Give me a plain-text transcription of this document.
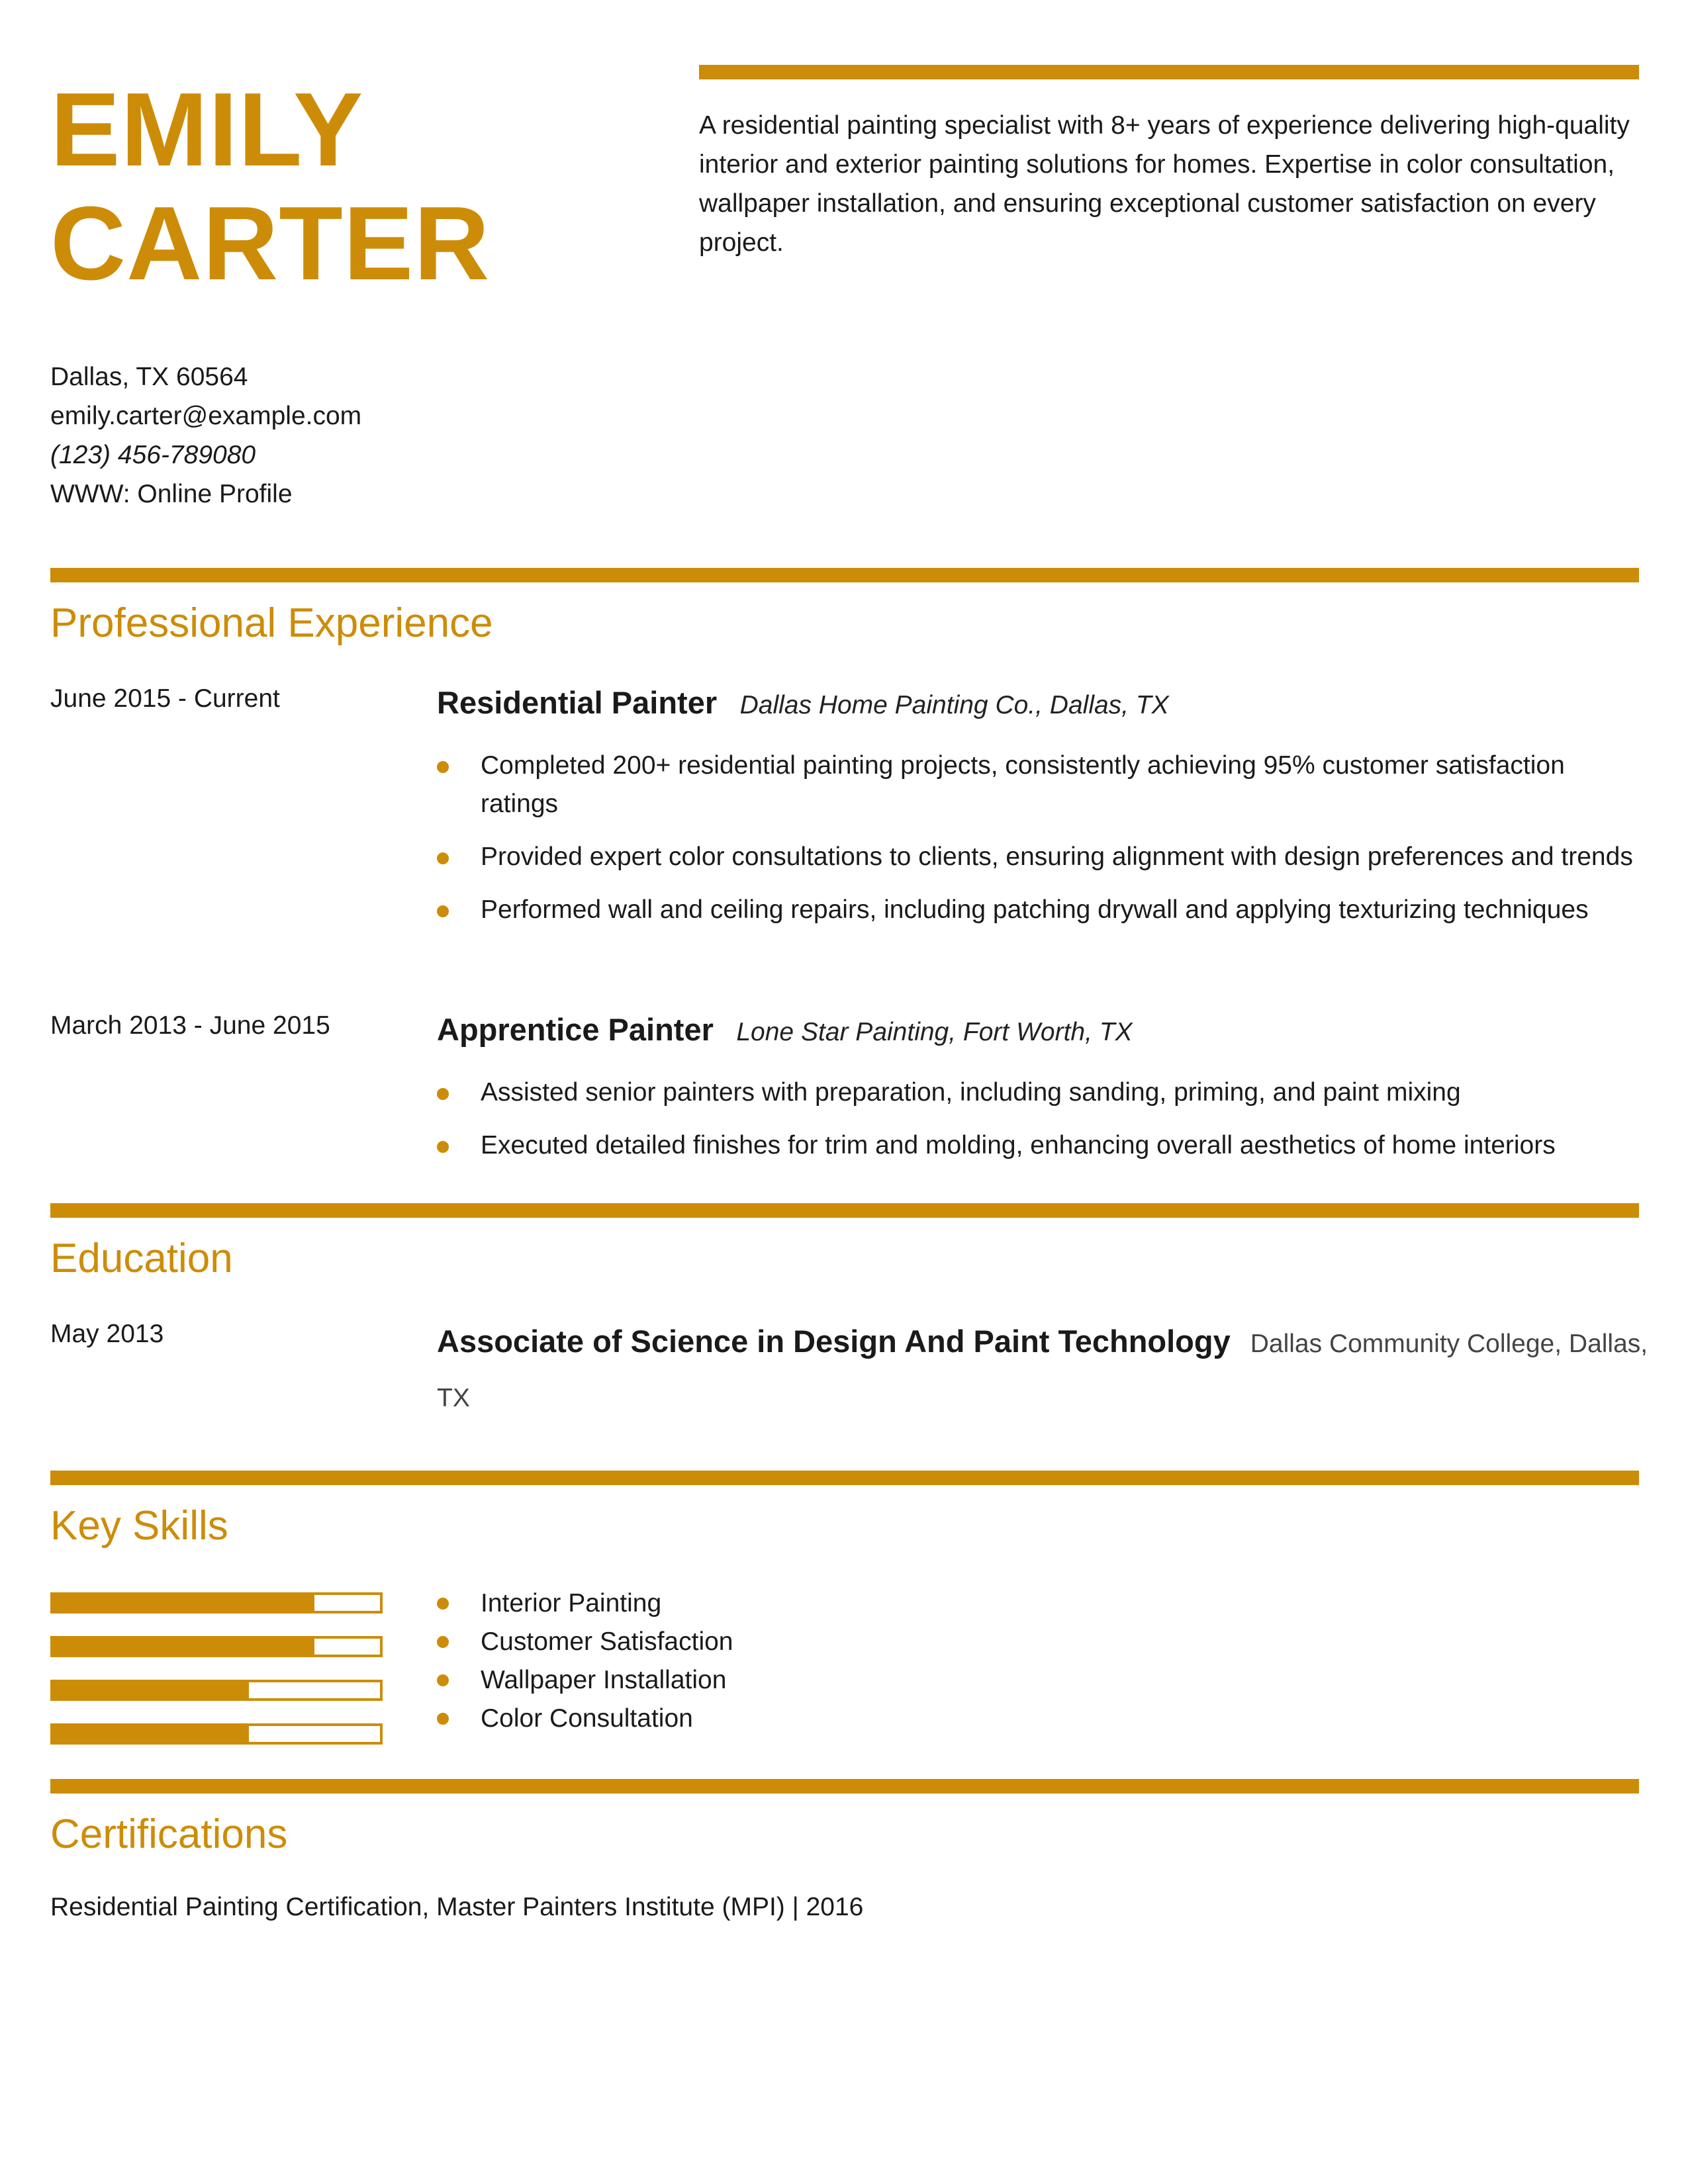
EMILY
CARTER
A residential painting specialist with 8+ years of experience delivering high-quality interior and exterior painting solutions for homes. Expertise in color consultation, wallpaper installation, and ensuring exceptional customer satisfaction on every project.
Dallas, TX 60564
emily.carter@example.com
(123) 456-789080
WWW: Online Profile
Professional Experience
June 2015 - Current	Residential Painter Dallas Home Painting Co., Dallas, TX
Completed 200+ residential painting projects, consistently achieving 95% customer satisfaction ratings
Provided expert color consultations to clients, ensuring alignment with design preferences and trends
Performed wall and ceiling repairs, including patching drywall and applying texturizing techniques
March 2013 - June 2015	Apprentice Painter Lone Star Painting, Fort Worth, TX
Assisted senior painters with preparation, including sanding, priming, and paint mixing
Executed detailed finishes for trim and molding, enhancing overall aesthetics of home interiors
Education
May 2013	Associate of Science in Design And Paint Technology Dallas Community College, Dallas, TX
Key Skills
Interior Painting
Customer Satisfaction
Wallpaper Installation
Color Consultation
Certifications
Residential Painting Certification, Master Painters Institute (MPI) | 2016
